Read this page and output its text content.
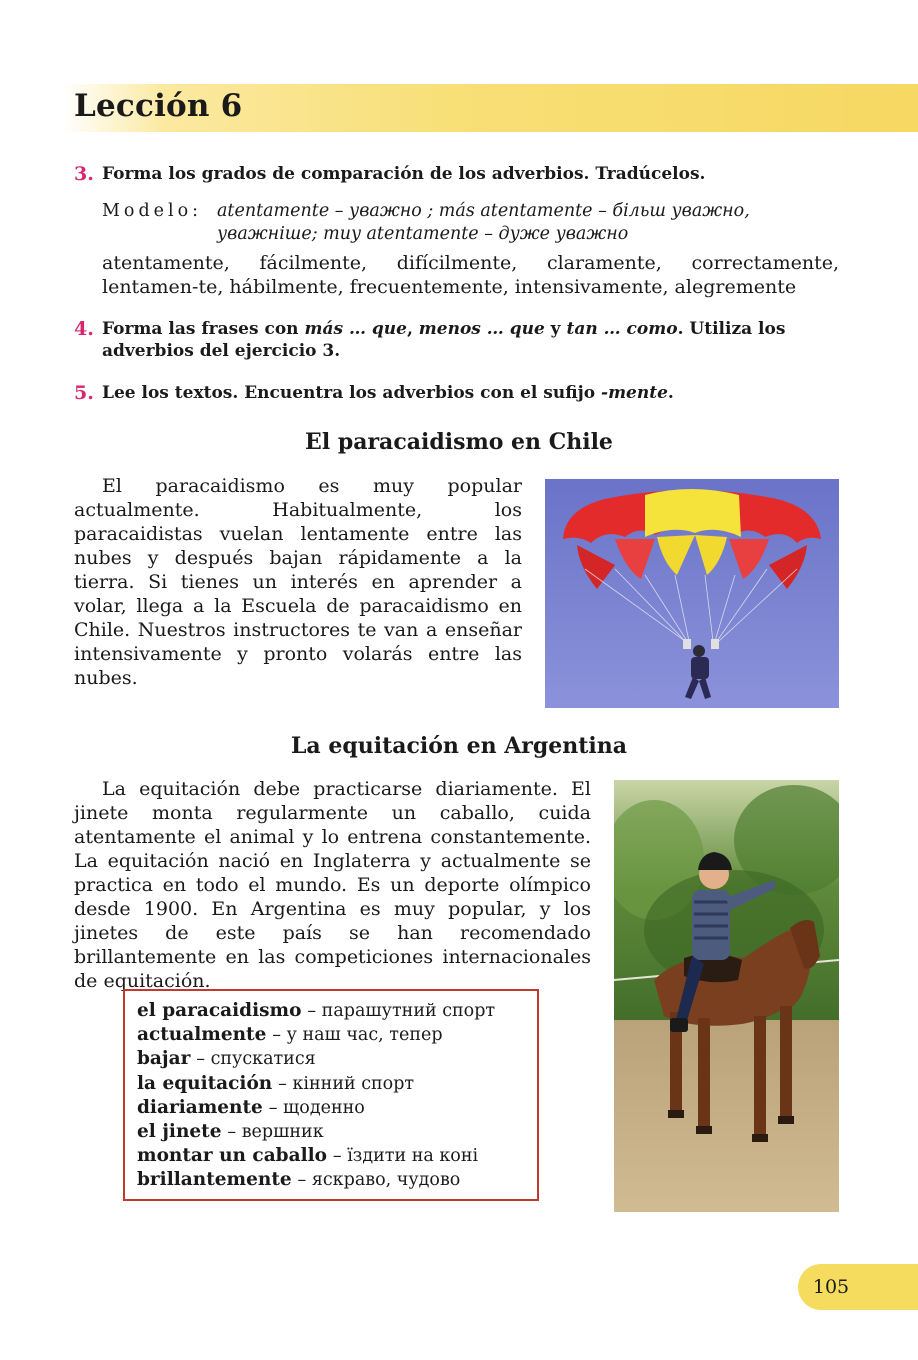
Lección 6
3. Forma los grados de comparación de los adverbios. Tradúcelos.
Modelo: atentamente – уважно ; más atentamente – більш уважно,
уважніше; muy atentamente – дуже уважно

atentamente, fácilmente, difícilmente, claramente, correctamente, lentamen-te, hábilmente, frecuentemente, intensivamente, alegremente

4. Forma las frases con más … que, menos … que y tan … como. Utiliza los adverbios del ejercicio 3.
5. Lee los textos. Encuentra los adverbios con el sufijo -mente.
El paracaidismo en Chile

El paracaidismo es muy popular actualmente. Habitualmente, los paracaidistas vuelan lentamente entre las nubes y después bajan rápidamente a la tierra. Si tienes un interés en aprender a volar, llega a la Escuela de paracaidismo en Chile. Nuestros instructores te van a enseñar intensivamente y pronto volarás entre las nubes.

La equitación en Argentina

La equitación debe practicarse diariamente. El jinete monta regularmente un caballo, cuida atentamente el animal y lo entrena constantemente. La equitación nació en Inglaterra y actualmente se practica en todo el mundo. Es un deporte olímpico desde 1900. En Argentina es muy popular, y los jinetes de este país se han recomendado brillantemente en las competiciones internacionales de equitación.

el paracaidismo – парашутний спорт
actualmente – у наш час, тепер
bajar – спускатися
la equitación – кінний спорт
diariamente – щоденно
el jinete – вершник
montar un caballo – їздити на коні
brillantemente – яскраво, чудово
105
